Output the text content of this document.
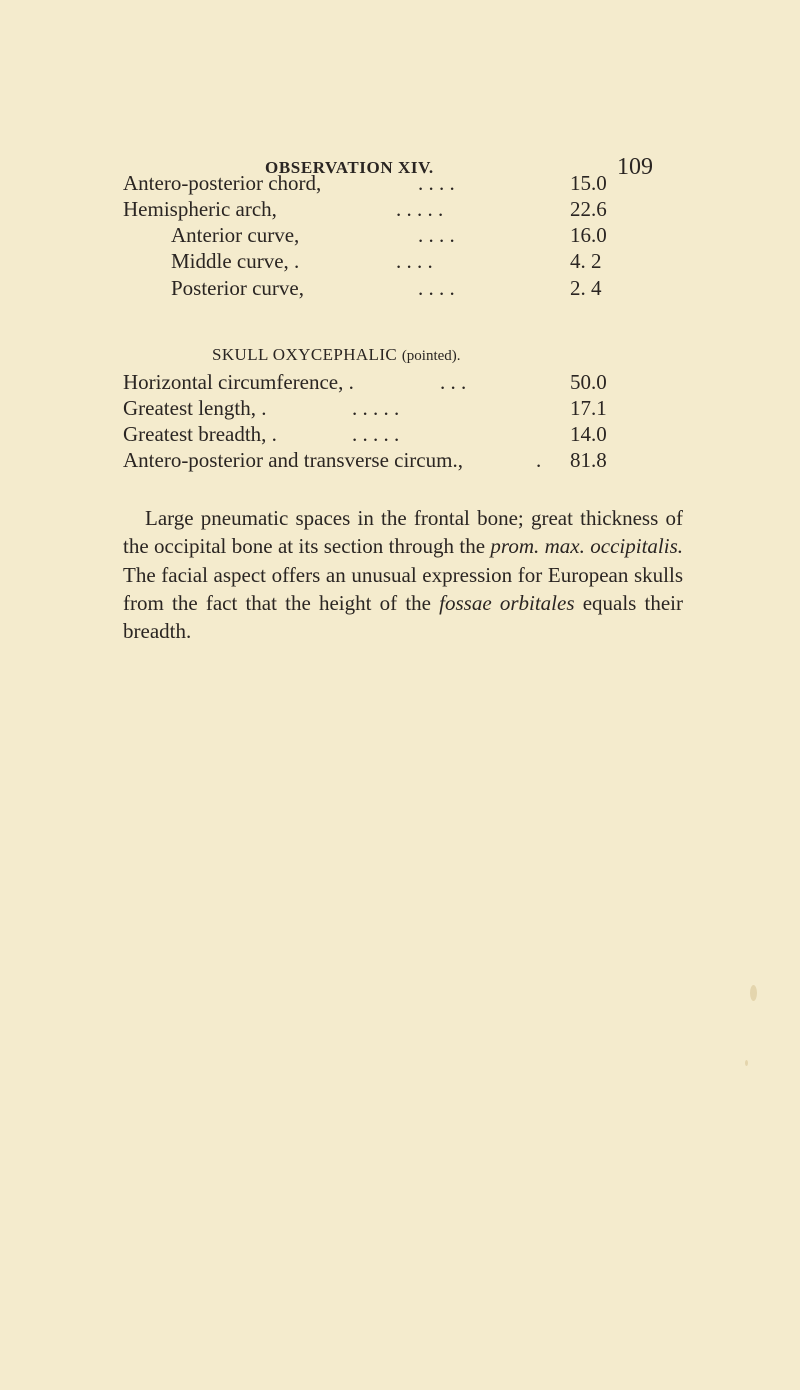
OBSERVATION XIV.	109
Antero-posterior chord,	. . . .	15.0
Hemispheric arch,	. . . . .	22.6
Anterior curve,	. . . .	16.0
Middle curve, .	. . . .	4. 2
Posterior curve,	. . . .	2. 4
SKULL OXYCEPHALIC (pointed).
Horizontal circumference, .	. . .	50.0
Greatest length, .	. . . . .	17.1
Greatest breadth, .	. . . . .	14.0
Antero-posterior and transverse circum.,	. 81.8

Large pneumatic spaces in the frontal bone; great thickness of the occipital bone at its section through the prom. max. occipitalis. The facial aspect offers an unusual expression for European skulls from the fact that the height of the fossae orbitales equals their breadth.
